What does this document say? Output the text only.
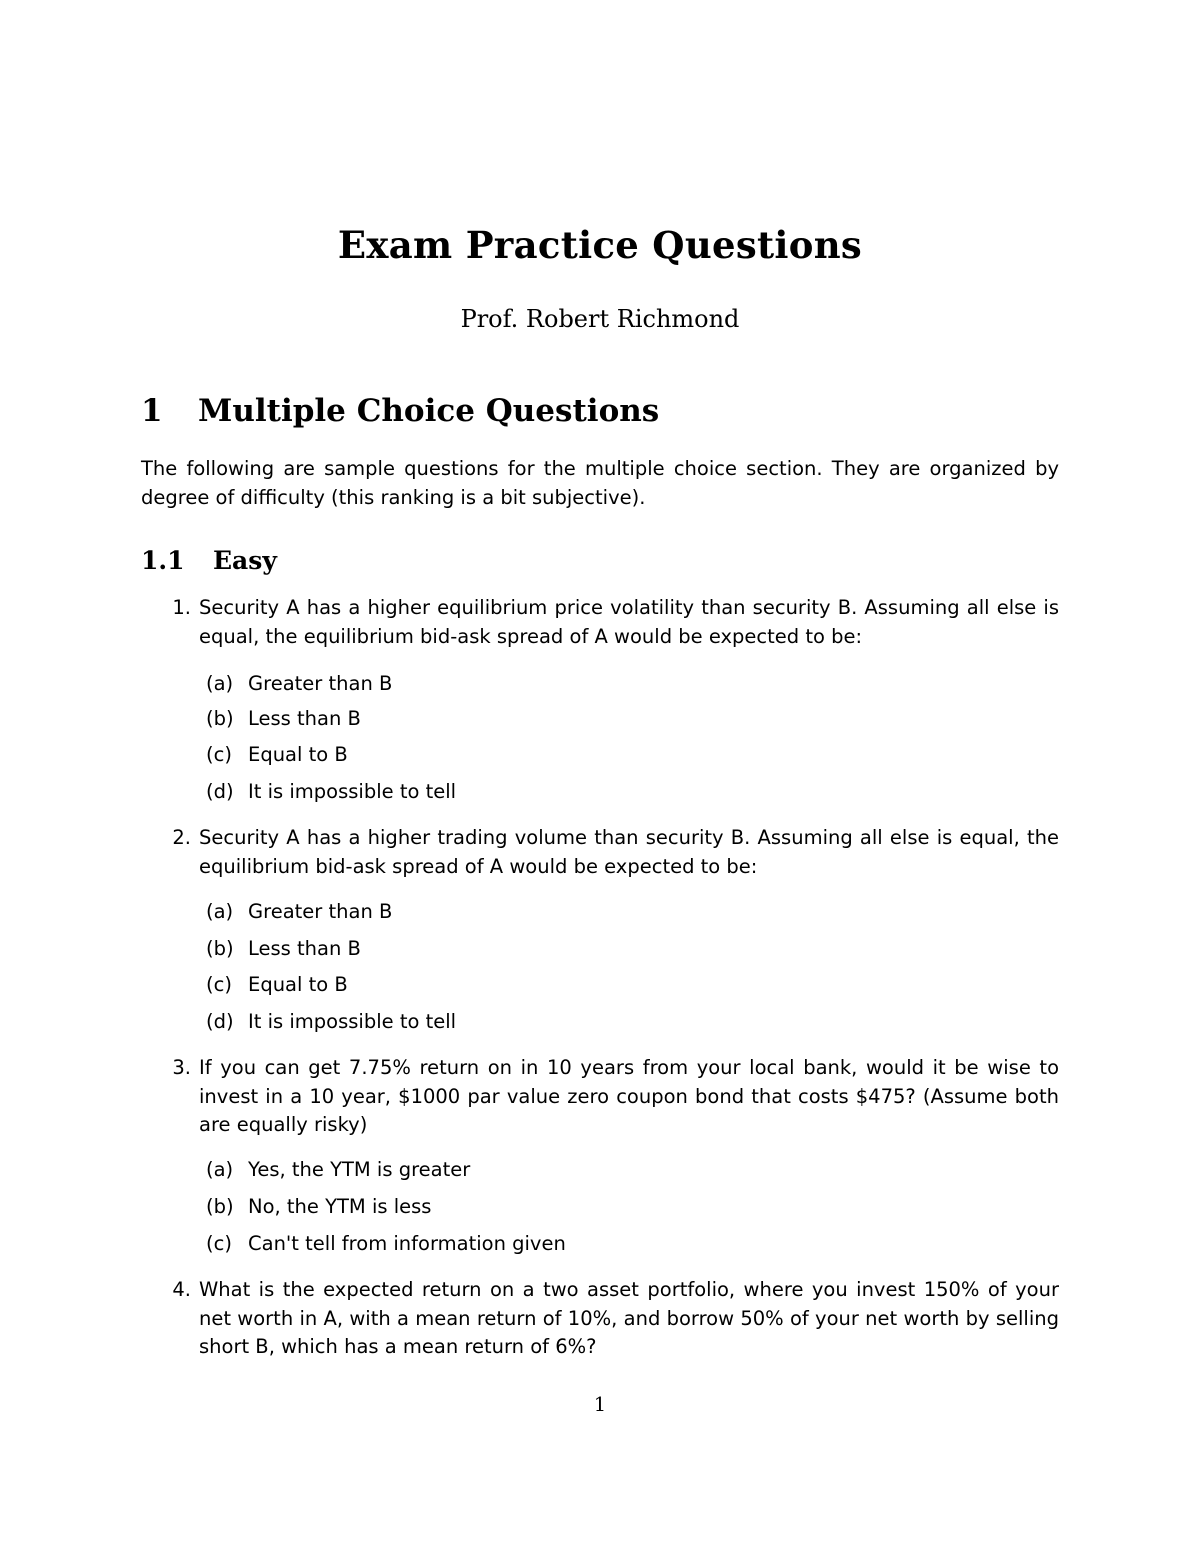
Exam Practice Questions
Prof. Robert Richmond
1 Multiple Choice Questions
The following are sample questions for the multiple choice section. They are organized by degree of difficulty (this ranking is a bit subjective).
1.1 Easy
1. Security A has a higher equilibrium price volatility than security B. Assuming all else is equal, the equilibrium bid-ask spread of A would be expected to be:
(a) Greater than B
(b) Less than B
(c) Equal to B
(d) It is impossible to tell
2. Security A has a higher trading volume than security B. Assuming all else is equal, the equilibrium bid-ask spread of A would be expected to be:
(a) Greater than B
(b) Less than B
(c) Equal to B
(d) It is impossible to tell
3. If you can get 7.75% return on in 10 years from your local bank, would it be wise to invest in a 10 year, $1000 par value zero coupon bond that costs $475? (Assume both are equally risky)
(a) Yes, the YTM is greater
(b) No, the YTM is less
(c) Can't tell from information given
4. What is the expected return on a two asset portfolio, where you invest 150% of your net worth in A, with a mean return of 10%, and borrow 50% of your net worth by selling short B, which has a mean return of 6%?
1
